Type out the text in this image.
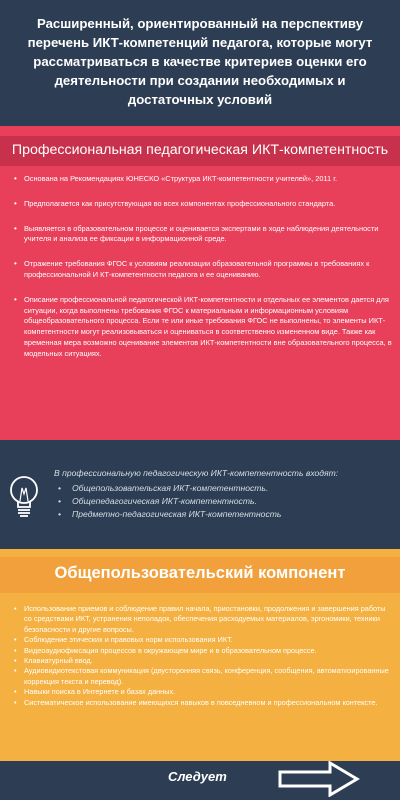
Расширенный, ориентированный на перспективу перечень ИКТ-компетенций педагога, которые могут рассматриваться в качестве критериев оценки его деятельности при создании необходимых и достаточных условий
Профессиональная педагогическая ИКТ-компетентность
• Основана на Рекомендациях ЮНЕСКО «Структура ИКТ-компетентности учителей», 2011 г.
• Предполагается как присутствующая во всех компонентах профессионального стандарта.
• Выявляется в образовательном процессе и оценивается экспертами в ходе наблюдения деятельности учителя и анализа ее фиксации в информационной среде.
• Отражение требования ФГОС к условиям реализации образовательной программы в требованиях к профессиональной И КТ-компетентности педагога и ее оцениванию.
• Описание профессиональной педагогической ИКТ-компетентности и отдельных ее элементов дается для ситуации, когда выполнены требования ФГОС к материальным и информационным условиям общеобразовательного процесса. Если те или иные требования ФГОС не выполнены, то элементы ИКТ-компетентности могут реализовываться и оцениваться в соответственно измененном виде. Также как временная мера возможно оценивание элементов ИКТ-компетентности вне образовательного процесса, в модельных ситуациях.
В профессиональную педагогическую ИКТ-компетентность входят:
• Общепользовательская ИКТ-компетентность.
• Общепедагогическая ИКТ-компетентность.
• Предметно-педагогическая ИКТ-компетентность
Общепользовательский компонент
• Использование приемов и соблюдение правил начала, приостановки, продолжения и завершения работы со средствами ИКТ, устранения неполадок, обеспечения расходуемых материалов, эргономики, техники безопасности и другие вопросы.
• Соблюдение этических и правовых норм использования ИКТ.
• Видеоаудиофиксация процессов в окружающем мире и в образовательном процессе.
• Клавиатурный ввод.
• Аудиовидиотекстовая коммуникация (двусторонняя связь, конференция, сообщения, автоматизированные коррекция текста и перевод).
• Навыки поиска в Интернете и базах данных.
• Систематическое использование имеющихся навыков в повседневном и профессиональном контексте.
Следует
